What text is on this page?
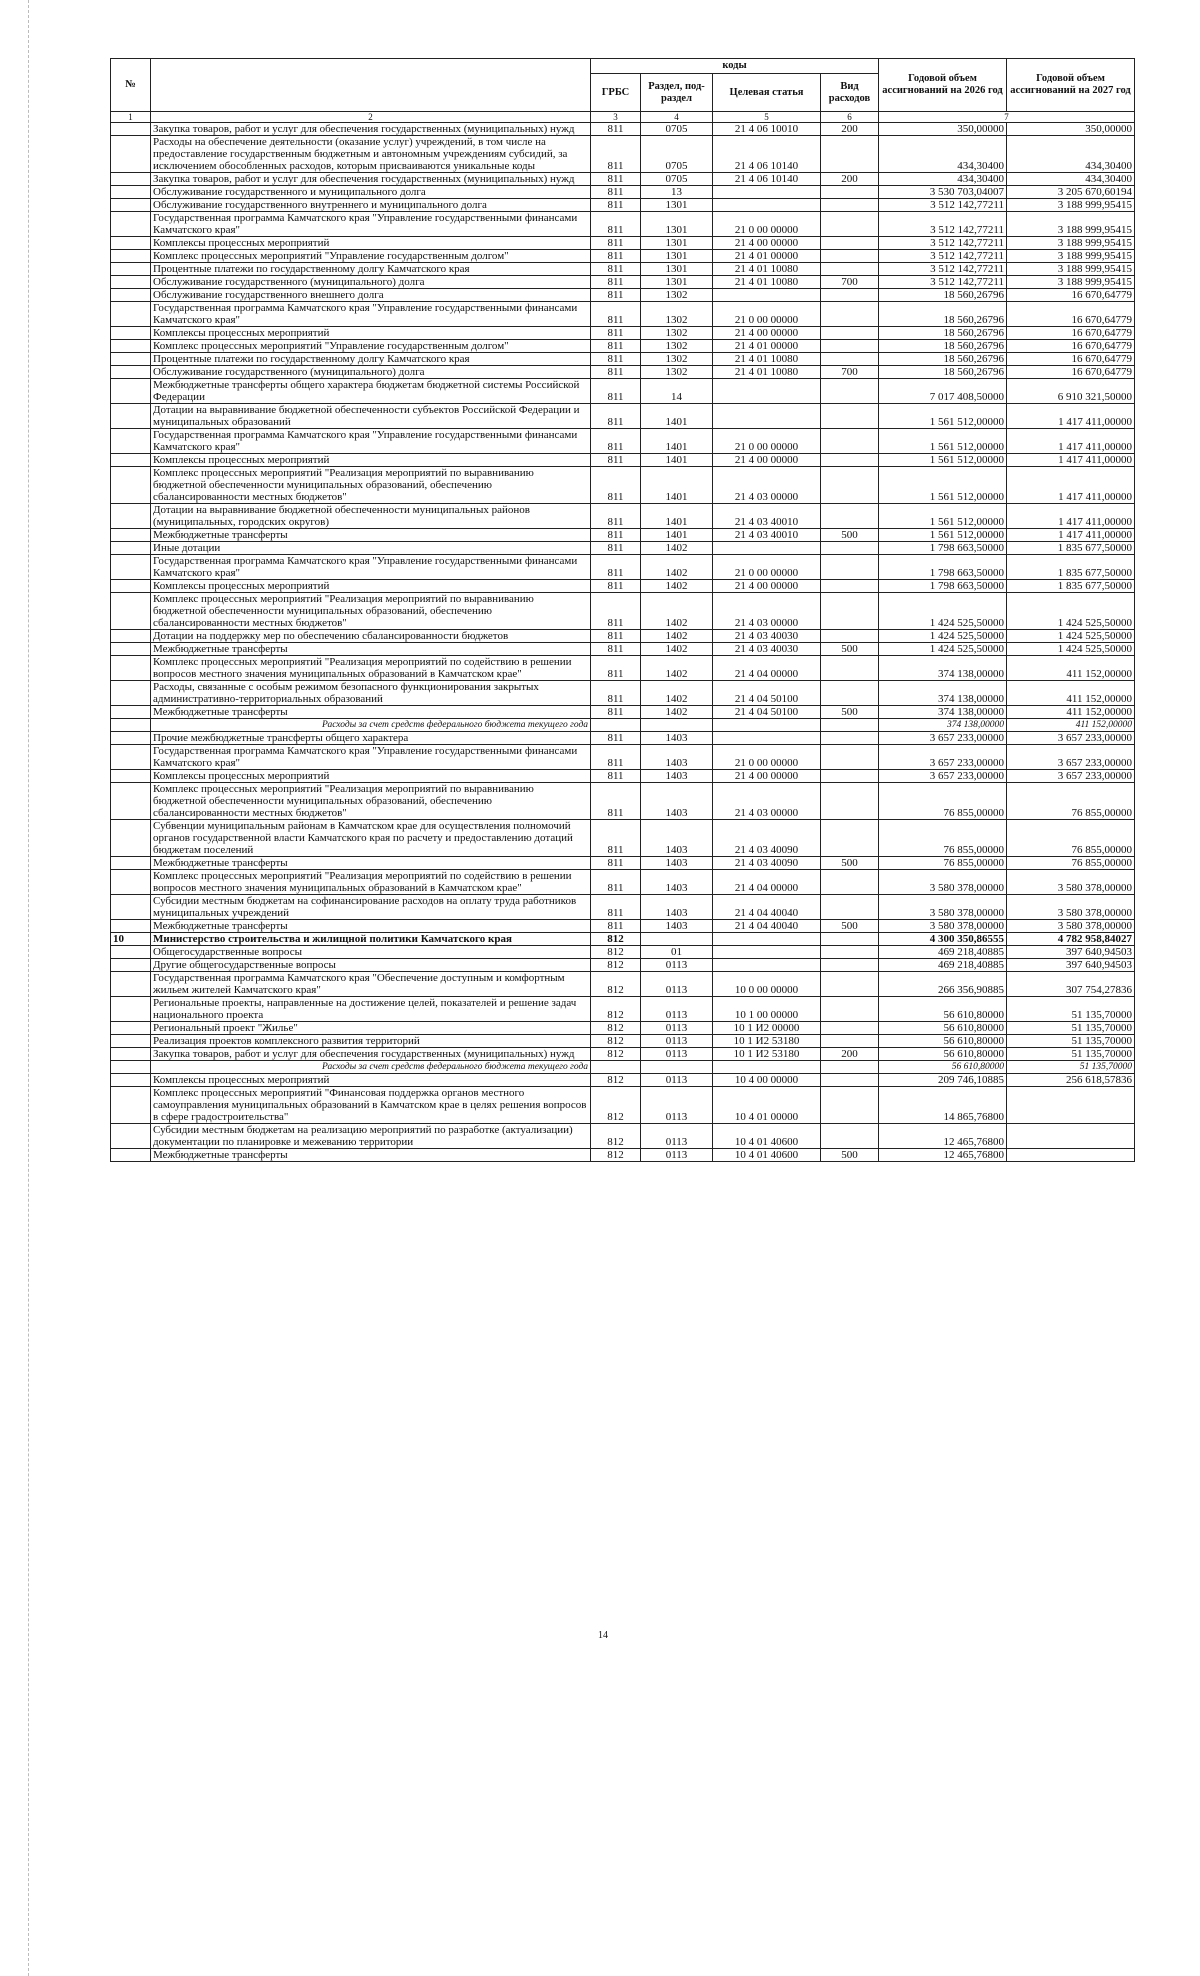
№		коды				Годовой объем ассигнований на 2026 год	Годовой объем ассигнований на 2027 год
		ГРБС	Раздел, под-раздел	Целевая статья	Вид расходов		
1	2	3	4	5	6	7	
	Закупка товаров, работ и услуг для обеспечения государственных (муниципальных) нужд	811	0705	21 4 06 10010	200	350,00000	350,00000
	Расходы на обеспечение деятельности (оказание услуг) учреждений, в том числе на предоставление государственным бюджетным и автономным учреждениям субсидий, за исключением обособленных расходов, которым присваиваются уникальные коды	811	0705	21 4 06 10140		434,30400	434,30400
	Закупка товаров, работ и услуг для обеспечения государственных (муниципальных) нужд	811	0705	21 4 06 10140	200	434,30400	434,30400
	Обслуживание государственного и муниципального долга	811	13			3 530 703,04007	3 205 670,60194
	Обслуживание государственного внутреннего и муниципального долга	811	1301			3 512 142,77211	3 188 999,95415
	Государственная программа Камчатского края "Управление государственными финансами Камчатского края"	811	1301	21 0 00 00000		3 512 142,77211	3 188 999,95415
	Комплексы процессных мероприятий	811	1301	21 4 00 00000		3 512 142,77211	3 188 999,95415
	Комплекс процессных мероприятий "Управление государственным долгом"	811	1301	21 4 01 00000		3 512 142,77211	3 188 999,95415
	Процентные платежи по государственному долгу Камчатского края	811	1301	21 4 01 10080		3 512 142,77211	3 188 999,95415
	Обслуживание государственного (муниципального) долга	811	1301	21 4 01 10080	700	3 512 142,77211	3 188 999,95415
	Обслуживание государственного внешнего долга	811	1302			18 560,26796	16 670,64779
	Государственная программа Камчатского края "Управление государственными финансами Камчатского края"	811	1302	21 0 00 00000		18 560,26796	16 670,64779
	Комплексы процессных мероприятий	811	1302	21 4 00 00000		18 560,26796	16 670,64779
	Комплекс процессных мероприятий "Управление государственным долгом"	811	1302	21 4 01 00000		18 560,26796	16 670,64779
	Процентные платежи по государственному долгу Камчатского края	811	1302	21 4 01 10080		18 560,26796	16 670,64779
	Обслуживание государственного (муниципального) долга	811	1302	21 4 01 10080	700	18 560,26796	16 670,64779
	Межбюджетные трансферты общего характера бюджетам бюджетной системы Российской Федерации	811	14			7 017 408,50000	6 910 321,50000
	Дотации на выравнивание бюджетной обеспеченности субъектов Российской Федерации и муниципальных образований	811	1401			1 561 512,00000	1 417 411,00000
	Государственная программа Камчатского края "Управление государственными финансами Камчатского края"	811	1401	21 0 00 00000		1 561 512,00000	1 417 411,00000
	Комплексы процессных мероприятий	811	1401	21 4 00 00000		1 561 512,00000	1 417 411,00000
	Комплекс процессных мероприятий "Реализация мероприятий по выравниванию бюджетной обеспеченности муниципальных образований, обеспечению сбалансированности местных бюджетов"	811	1401	21 4 03 00000		1 561 512,00000	1 417 411,00000
	Дотации на выравнивание бюджетной обеспеченности муниципальных районов (муниципальных, городских округов)	811	1401	21 4 03 40010		1 561 512,00000	1 417 411,00000
	Межбюджетные трансферты	811	1401	21 4 03 40010	500	1 561 512,00000	1 417 411,00000
	Иные дотации	811	1402			1 798 663,50000	1 835 677,50000
	Государственная программа Камчатского края "Управление государственными финансами Камчатского края"	811	1402	21 0 00 00000		1 798 663,50000	1 835 677,50000
	Комплексы процессных мероприятий	811	1402	21 4 00 00000		1 798 663,50000	1 835 677,50000
	Комплекс процессных мероприятий "Реализация мероприятий по выравниванию бюджетной обеспеченности муниципальных образований, обеспечению сбалансированности местных бюджетов"	811	1402	21 4 03 00000		1 424 525,50000	1 424 525,50000
	Дотации на поддержку мер по обеспечению сбалансированности бюджетов	811	1402	21 4 03 40030		1 424 525,50000	1 424 525,50000
	Межбюджетные трансферты	811	1402	21 4 03 40030	500	1 424 525,50000	1 424 525,50000
	Комплекс процессных мероприятий "Реализация мероприятий по содействию в решении вопросов местного значения муниципальных образований в Камчатском крае"	811	1402	21 4 04 00000		374 138,00000	411 152,00000
	Расходы, связанные с особым режимом безопасного функционирования закрытых административно-территориальных образований	811	1402	21 4 04 50100		374 138,00000	411 152,00000
	Межбюджетные трансферты	811	1402	21 4 04 50100	500	374 138,00000	411 152,00000
	Расходы за счет средств федерального бюджета текущего года					374 138,00000	411 152,00000
	Прочие межбюджетные трансферты общего характера	811	1403			3 657 233,00000	3 657 233,00000
	Государственная программа Камчатского края "Управление государственными финансами Камчатского края"	811	1403	21 0 00 00000		3 657 233,00000	3 657 233,00000
	Комплексы процессных мероприятий	811	1403	21 4 00 00000		3 657 233,00000	3 657 233,00000
	Комплекс процессных мероприятий "Реализация мероприятий по выравниванию бюджетной обеспеченности муниципальных образований, обеспечению сбалансированности местных бюджетов"	811	1403	21 4 03 00000		76 855,00000	76 855,00000
	Субвенции муниципальным районам в Камчатском крае для осуществления полномочий органов государственной власти Камчатского края по расчету и предоставлению дотаций бюджетам поселений	811	1403	21 4 03 40090		76 855,00000	76 855,00000
	Межбюджетные трансферты	811	1403	21 4 03 40090	500	76 855,00000	76 855,00000
	Комплекс процессных мероприятий "Реализация мероприятий по содействию в решении вопросов местного значения муниципальных образований в Камчатском крае"	811	1403	21 4 04 00000		3 580 378,00000	3 580 378,00000
	Субсидии местным бюджетам на софинансирование расходов на оплату труда работников муниципальных учреждений	811	1403	21 4 04 40040		3 580 378,00000	3 580 378,00000
	Межбюджетные трансферты	811	1403	21 4 04 40040	500	3 580 378,00000	3 580 378,00000
10	Министерство строительства и жилищной политики Камчатского края	812				4 300 350,86555	4 782 958,84027
	Общегосударственные вопросы	812	01			469 218,40885	397 640,94503
	Другие общегосударственные вопросы	812	0113			469 218,40885	397 640,94503
	Государственная программа Камчатского края "Обеспечение доступным и комфортным жильем жителей Камчатского края"	812	0113	10 0 00 00000		266 356,90885	307 754,27836
	Региональные проекты, направленные на достижение целей, показателей и решение задач национального проекта	812	0113	10 1 00 00000		56 610,80000	51 135,70000
	Региональный проект "Жилье"	812	0113	10 1 И2 00000		56 610,80000	51 135,70000
	Реализация проектов комплексного развития территорий	812	0113	10 1 И2 53180		56 610,80000	51 135,70000
	Закупка товаров, работ и услуг для обеспечения государственных (муниципальных) нужд	812	0113	10 1 И2 53180	200	56 610,80000	51 135,70000
	Расходы за счет средств федерального бюджета текущего года					56 610,80000	51 135,70000
	Комплексы процессных мероприятий	812	0113	10 4 00 00000		209 746,10885	256 618,57836
	Комплекс процессных мероприятий "Финансовая поддержка органов местного самоуправления муниципальных образований в Камчатском крае в целях решения вопросов в сфере градостроительства"	812	0113	10 4 01 00000		14 865,76800	
	Субсидии местным бюджетам на реализацию мероприятий по разработке (актуализации) документации по планировке и межеванию территории	812	0113	10 4 01 40600		12 465,76800	
	Межбюджетные трансферты	812	0113	10 4 01 40600	500	12 465,76800	
14
